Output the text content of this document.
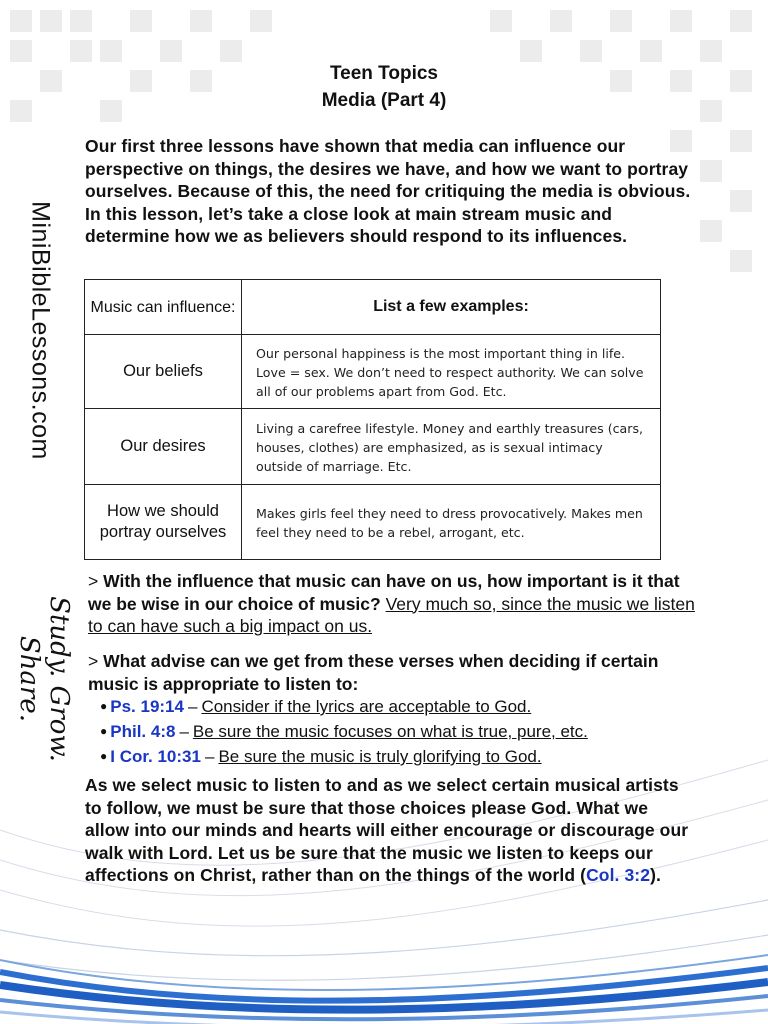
Teen Topics
Media (Part 4)
Our first three lessons have shown that media can influence our perspective on things, the desires we have, and how we want to portray ourselves. Because of this, the need for critiquing the media is obvious. In this lesson, let’s take a close look at main stream music and determine how we as believers should respond to its influences.
MiniBibleLessons.com
Study. Grow. Share.
Music can influence:	List a few examples:
Our beliefs	Our personal happiness is the most important thing in life. Love = sex. We don’t need to respect authority. We can solve all of our problems apart from God. Etc.
Our desires	Living a carefree lifestyle. Money and earthly treasures (cars, houses, clothes) are emphasized, as is sexual intimacy outside of marriage. Etc.
How we should portray ourselves	Makes girls feel they need to dress provocatively. Makes men feel they need to be a rebel, arrogant, etc.
> With the influence that music can have on us, how important is it that we be wise in our choice of music? Very much so, since the music we listen to can have such a big impact on us.
> What advise can we get from these verses when deciding if certain music is appropriate to listen to:
● Ps. 19:14 – Consider if the lyrics are acceptable to God.
● Phil. 4:8 – Be sure the music focuses on what is true, pure, etc.
● I Cor. 10:31 – Be sure the music is truly glorifying to God.
As we select music to listen to and as we select certain musical artists to follow, we must be sure that those choices please God. What we allow into our minds and hearts will either encourage or discourage our walk with Lord. Let us be sure that the music we listen to keeps our affections on Christ, rather than on the things of the world (Col. 3:2).
